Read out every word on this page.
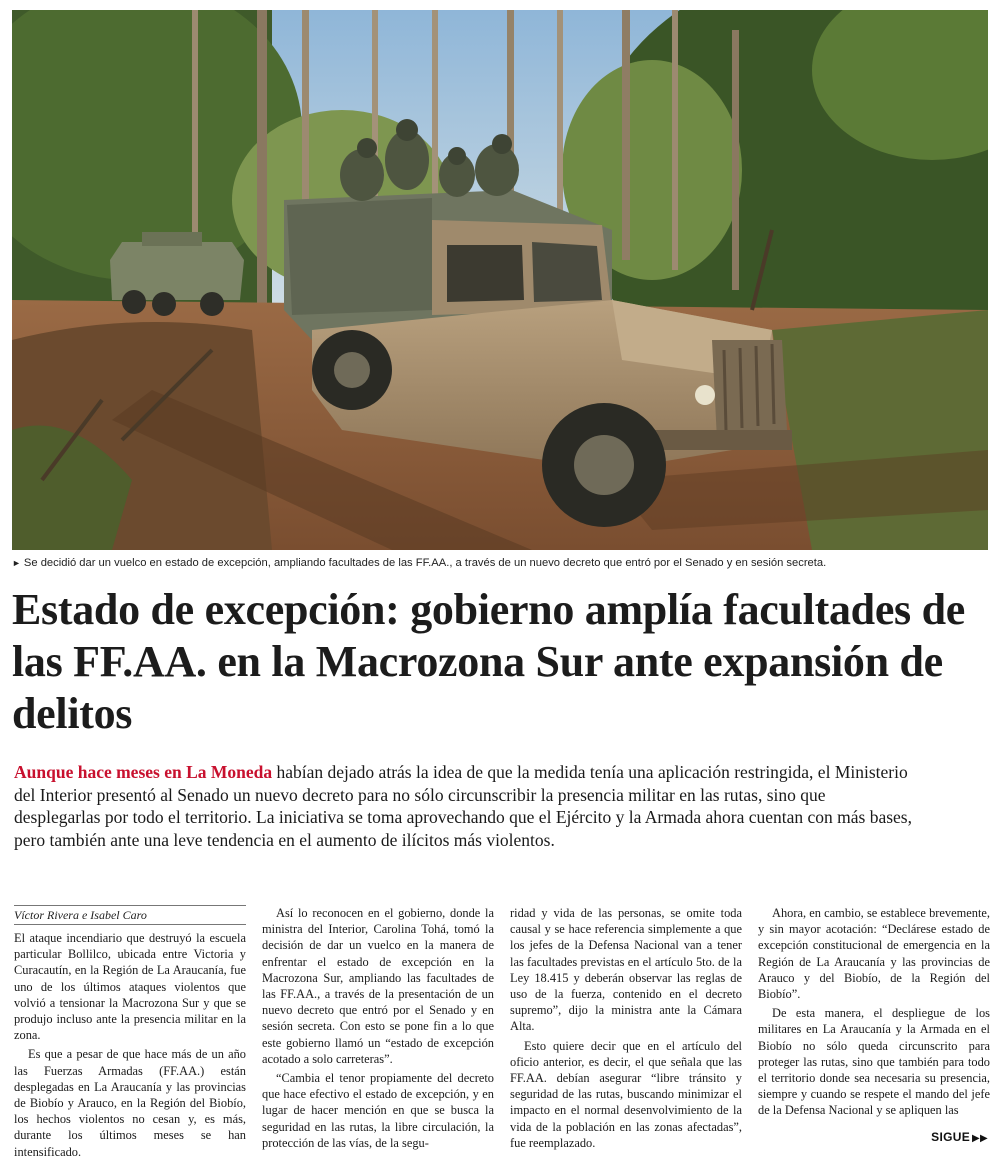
► Se decidió dar un vuelco en estado de excepción, ampliando facultades de las FF.AA., a través de un nuevo decreto que entró por el Senado y en sesión secreta.
Estado de excepción: gobierno amplía facultades de las FF.AA. en la Macrozona Sur ante expansión de delitos
Aunque hace meses en La Moneda habían dejado atrás la idea de que la medida tenía una aplicación restringida, el Ministerio del Interior presentó al Senado un nuevo decreto para no sólo circunscribir la presencia militar en las rutas, sino que desplegarlas por todo el territorio. La iniciativa se toma aprovechando que el Ejército y la Armada ahora cuentan con más bases, pero también ante una leve tendencia en el aumento de ilícitos más violentos.
Víctor Rivera e Isabel Caro

El ataque incendiario que destruyó la escuela particular Bollilco, ubicada entre Victoria y Curacautín, en la Región de La Araucanía, fue uno de los últimos ataques violentos que volvió a tensionar la Macrozona Sur y que se produjo incluso ante la presencia militar en la zona.

Es que a pesar de que hace más de un año las Fuerzas Armadas (FF.AA.) están desplegadas en La Araucanía y las provincias de Biobío y Arauco, en la Región del Biobío, los hechos violentos no cesan y, es más, durante los últimos meses se han intensificado.

Así lo reconocen en el gobierno, donde la ministra del Interior, Carolina Tohá, tomó la decisión de dar un vuelco en la manera de enfrentar el estado de excepción en la Macrozona Sur, ampliando las facultades de las FF.AA., a través de la presentación de un nuevo decreto que entró por el Senado y en sesión secreta. Con esto se pone fin a lo que este gobierno llamó un “estado de excepción acotado a solo carreteras”.

“Cambia el tenor propiamente del decreto que hace efectivo el estado de excepción, y en lugar de hacer mención en que se busca la seguridad en las rutas, la libre circulación, la protección de las vías, de la segu-

ridad y vida de las personas, se omite toda causal y se hace referencia simplemente a que los jefes de la Defensa Nacional van a tener las facultades previstas en el artículo 5to. de la Ley 18.415 y deberán observar las reglas de uso de la fuerza, contenido en el decreto supremo”, dijo la ministra ante la Cámara Alta.

Esto quiere decir que en el artículo del oficio anterior, es decir, el que señala que las FF.AA. debían asegurar “libre tránsito y seguridad de las rutas, buscando minimizar el impacto en el normal desenvolvimiento de la vida de la población en las zonas afectadas”, fue reemplazado.

Ahora, en cambio, se establece brevemente, y sin mayor acotación: “Declárese estado de excepción constitucional de emergencia en la Región de La Araucanía y las provincias de Arauco y del Biobío, de la Región del Biobío”.

De esta manera, el despliegue de los militares en La Araucanía y la Armada en el Biobío no sólo queda circunscrito para proteger las rutas, sino que también para todo el territorio donde sea necesaria su presencia, siempre y cuando se respete el mando del jefe de la Defensa Nacional y se apliquen las

SIGUE ▶▶
